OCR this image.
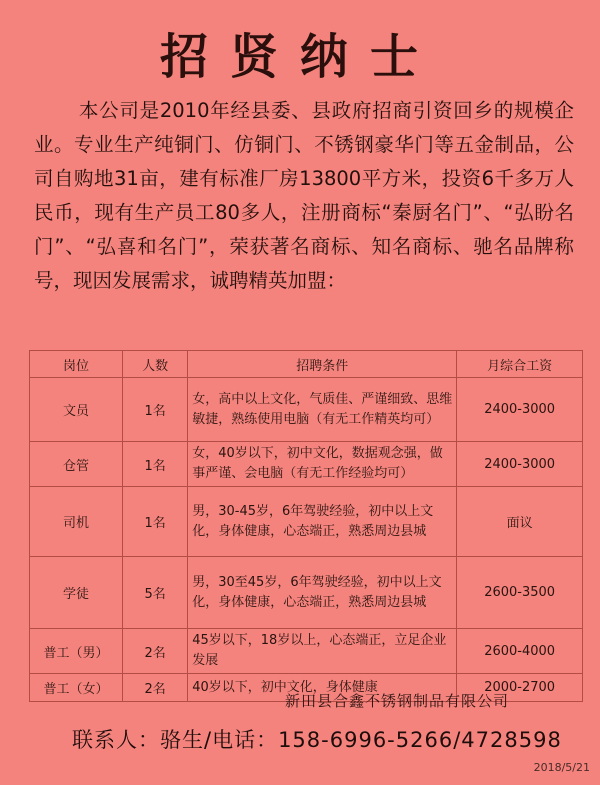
招贤纳士
本公司是2010年经县委、县政府招商引资回乡的规模企业。专业生产纯铜门、仿铜门、不锈钢豪华门等五金制品，公司自购地31亩，建有标准厂房13800平方米，投资6千多万人民币，现有生产员工80多人，注册商标“秦厨名门”、“弘盼名门”、“弘喜和名门”，荣获著名商标、知名商标、驰名品牌称号，现因发展需求，诚聘精英加盟：
岗位	人数	招聘条件	月综合工资
文员	1名	女，高中以上文化，气质佳、严谨细致、思维敏捷，熟练使用电脑（有无工作精英均可）	2400-3000
仓管	1名	女，40岁以下，初中文化，数据观念强，做事严谨、会电脑（有无工作经验均可）	2400-3000
司机	1名	男，30-45岁，6年驾驶经验，初中以上文化，身体健康，心态端正，熟悉周边县城	面议
学徒	5名	男，30至45岁，6年驾驶经验，初中以上文化，身体健康，心态端正，熟悉周边县城	2600-3500
普工（男）	2名	45岁以下，18岁以上，心态端正，立足企业发展	2600-4000
普工（女）	2名	40岁以下，初中文化，身体健康	2000-2700
新田县合鑫不锈钢制品有限公司
联系人：骆生/电话：158-6996-5266/4728598
2018/5/21
